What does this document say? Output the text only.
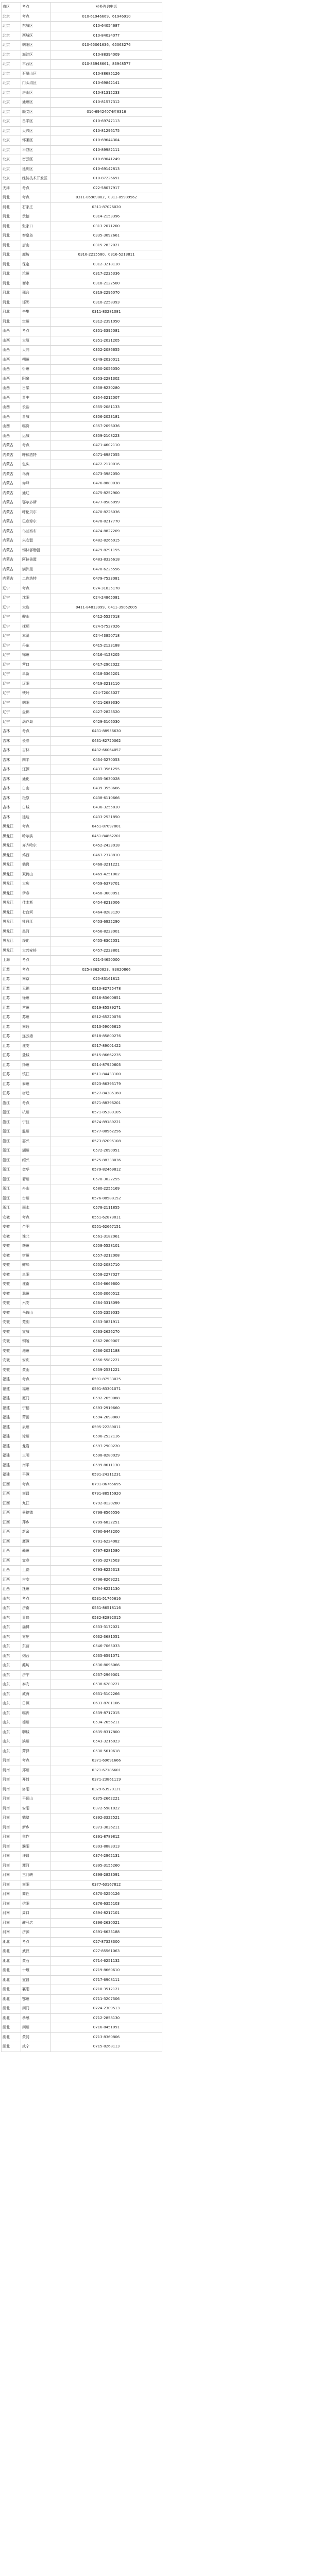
省区	考点	对外咨询电话
北京	考点	010-61946669、61946910
北京	东城区	010-64054687
北京	西城区	010-84034077
北京	朝阳区	010-65061636、65063276
北京	海淀区	010-88394009
北京	丰台区	010-83948661、83948577
北京	石景山区	010-88685126
北京	门头沟区	010-69842141
北京	房山区	010-81312233
北京	通州区	010-81577312
北京	顺义区	010-69424074转8316
北京	昌平区	010-69747113
北京	大兴区	010-81296175
北京	怀柔区	010-69644304
北京	平谷区	010-89982111
北京	密云区	010-69041249
北京	延庆区	010-69142813
北京	经济技术开发区	010-87226691
天津	考点	022-58077917
河北	考点	0311-85989802、0311-85989562
河北	石家庄	0311-87026020
河北	承德	0314-2153396
河北	张家口	0313-2071200
河北	秦皇岛	0335-3092661
河北	唐山	0315-2832021
河北	廊坊	0316-2215580、0316-5213811
河北	保定	0312-3218118
河北	沧州	0317-2235336
河北	衡水	0318-2122500
河北	邢台	0319-2296070
河北	邯郸	0310-2258393
河北	辛集	0311-83281081
河北	定州	0312-2391050
山西	考点	0351-3395081
山西	太原	0351-2031205
山西	大同	0352-2086655
山西	朔州	0349-2030011
山西	忻州	0350-2056050
山西	阳泉	0353-2281302
山西	吕梁	0358-8230280
山西	晋中	0354-3212007
山西	长治	0355-2081133
山西	晋城	0356-2023181
山西	临汾	0357-2096036
山西	运城	0359-2108223
内蒙古	考点	0471-4602110
内蒙古	呼和浩特	0471-6987055
内蒙古	包头	0472-2170016
内蒙古	乌海	0473-3982050
内蒙古	赤峰	0476-8880038
内蒙古	通辽	0475-8252900
内蒙古	鄂尔多斯	0477-8586099
内蒙古	呼伦贝尔	0470-8226036
内蒙古	巴彦淖尔	0478-8217770
内蒙古	乌兰察布	0474-8827209
内蒙古	兴安盟	0482-8266015
内蒙古	锡林郭勒盟	0479-8291155
内蒙古	阿拉善盟	0483-8336618
内蒙古	满洲里	0470-6225556
内蒙古	二连浩特	0479-7523081
辽宁	考点	024-31035178
辽宁	沈阳	024-24865081
辽宁	大连	0411-84813999、0411-39052005
辽宁	鞍山	0412-5527018
辽宁	抚顺	024-57527026
辽宁	本溪	024-43850718
辽宁	丹东	0415-2123188
辽宁	锦州	0416-4128205
辽宁	营口	0417-2902022
辽宁	阜新	0418-3365201
辽宁	辽阳	0419-3213110
辽宁	铁岭	024-72003027
辽宁	朝阳	0421-2689330
辽宁	盘锦	0427-2825520
辽宁	葫芦岛	0429-3106030
吉林	考点	0431-88956630
吉林	长春	0431-82720062
吉林	吉林	0432-66064057
吉林	四平	0434-3270053
吉林	辽源	0437-3561255
吉林	通化	0435-3630028
吉林	白山	0439-3558666
吉林	松原	0438-6110666
吉林	白城	0436-3255810
吉林	延边	0433-2531850
黑龙江	考点	0451-87097001
黑龙江	哈尔滨	0451-84862201
黑龙江	齐齐哈尔	0452-2433018
黑龙江	鸡西	0467-2378810
黑龙江	鹤岗	0468-3211221
黑龙江	双鸭山	0469-4251002
黑龙江	大庆	0459-6379701
黑龙江	伊春	0458-3600051
黑龙江	佳木斯	0454-8213006
黑龙江	七台河	0464-8283120
黑龙江	牡丹江	0453-6922290
黑龙江	黑河	0456-8223001
黑龙江	绥化	0455-8302051
黑龙江	大兴安岭	0457-2223801
上海	考点	021-54650000
江苏	考点	025-83620823、83620866
江苏	南京	025-83161812
江苏	无锡	0510-82725478
江苏	徐州	0516-83600851
江苏	常州	0519-85589271
江苏	苏州	0512-65220076
江苏	南通	0513-59006615
江苏	连云港	0518-85800276
江苏	淮安	0517-89001422
江苏	盐城	0515-86662235
江苏	扬州	0514-87950603
江苏	镇江	0511-84433100
江苏	泰州	0523-86393179
江苏	宿迁	0527-84385160
浙江	考点	0571-88396201
浙江	杭州	0571-85389105
浙江	宁波	0574-89189221
浙江	温州	0577-88962256
浙江	嘉兴	0573-82095108
浙江	湖州	0572-2090051
浙江	绍兴	0575-88338036
浙江	金华	0579-82469812
浙江	衢州	0570-3022255
浙江	舟山	0580-2255169
浙江	台州	0576-88588152
浙江	丽水	0578-2111855
安徽	考点	0551-62873011
安徽	合肥	0551-62667151
安徽	淮北	0561-3182061
安徽	亳州	0558-5528101
安徽	宿州	0557-3212008
安徽	蚌埠	0552-2082710
安徽	阜阳	0558-2277027
安徽	淮南	0554-6669600
安徽	滁州	0550-3060512
安徽	六安	0564-3318099
安徽	马鞍山	0555-2359035
安徽	芜湖	0553-3831911
安徽	宣城	0563-2626270
安徽	铜陵	0562-2809007
安徽	池州	0566-2021188
安徽	安庆	0556-5582221
安徽	黄山	0559-2531221
福建	考点	0591-87533025
福建	福州	0591-83301071
福建	厦门	0592-2650088
福建	宁德	0593-2919660
福建	莆田	0594-2698860
福建	泉州	0595-22289011
福建	漳州	0596-2532116
福建	龙岩	0597-2900220
福建	三明	0598-8280029
福建	南平	0599-8611130
福建	平潭	0591-24311231
江西	考点	0791-86765695
江西	南昌	0791-88515920
江西	九江	0792-8120280
江西	景德镇	0798-8566556
江西	萍乡	0799-6832251
江西	新余	0790-6443200
江西	鹰潭	0701-6224082
江西	赣州	0797-8281580
江西	宜春	0795-3272503
江西	上饶	0793-8225313
江西	吉安	0796-8269221
江西	抚州	0794-8221130
山东	考点	0531-51765616
山东	济南	0531-86518116
山东	青岛	0532-82892015
山东	淄博	0533-3172021
山东	枣庄	0632-3681051
山东	东营	0546-7065033
山东	烟台	0535-6591071
山东	潍坊	0536-8096066
山东	济宁	0537-2969001
山东	泰安	0538-6280221
山东	威海	0631-5102266
山东	日照	0633-8781106
山东	临沂	0539-8717015
山东	德州	0534-2656211
山东	聊城	0635-8317800
山东	滨州	0543-3216023
山东	菏泽	0530-5610618
河南	考点	0371-69691666
河南	郑州	0371-67186601
河南	开封	0371-23861119
河南	洛阳	0379-63920121
河南	平顶山	0375-2662221
河南	安阳	0372-5981022
河南	鹤壁	0392-3322521
河南	新乡	0373-3036211
河南	焦作	0391-8789812
河南	濮阳	0393-8883313
河南	许昌	0374-2962131
河南	漯河	0395-3155260
河南	三门峡	0398-2823091
河南	南阳	0377-63167812
河南	商丘	0370-3250126
河南	信阳	0376-6355103
河南	周口	0394-8217101
河南	驻马店	0396-2630021
河南	济源	0391-6633188
湖北	考点	027-87328300
湖北	武汉	027-85561063
湖北	黄石	0714-6251132
湖北	十堰	0719-8660610
湖北	宜昌	0717-6908111
湖北	襄阳	0710-3512121
湖北	鄂州	0711-3207506
湖北	荆门	0724-2309513
湖北	孝感	0712-2858130
湖北	荆州	0716-8451091
湖北	黄冈	0713-8360806
湖北	咸宁	0715-8268113
